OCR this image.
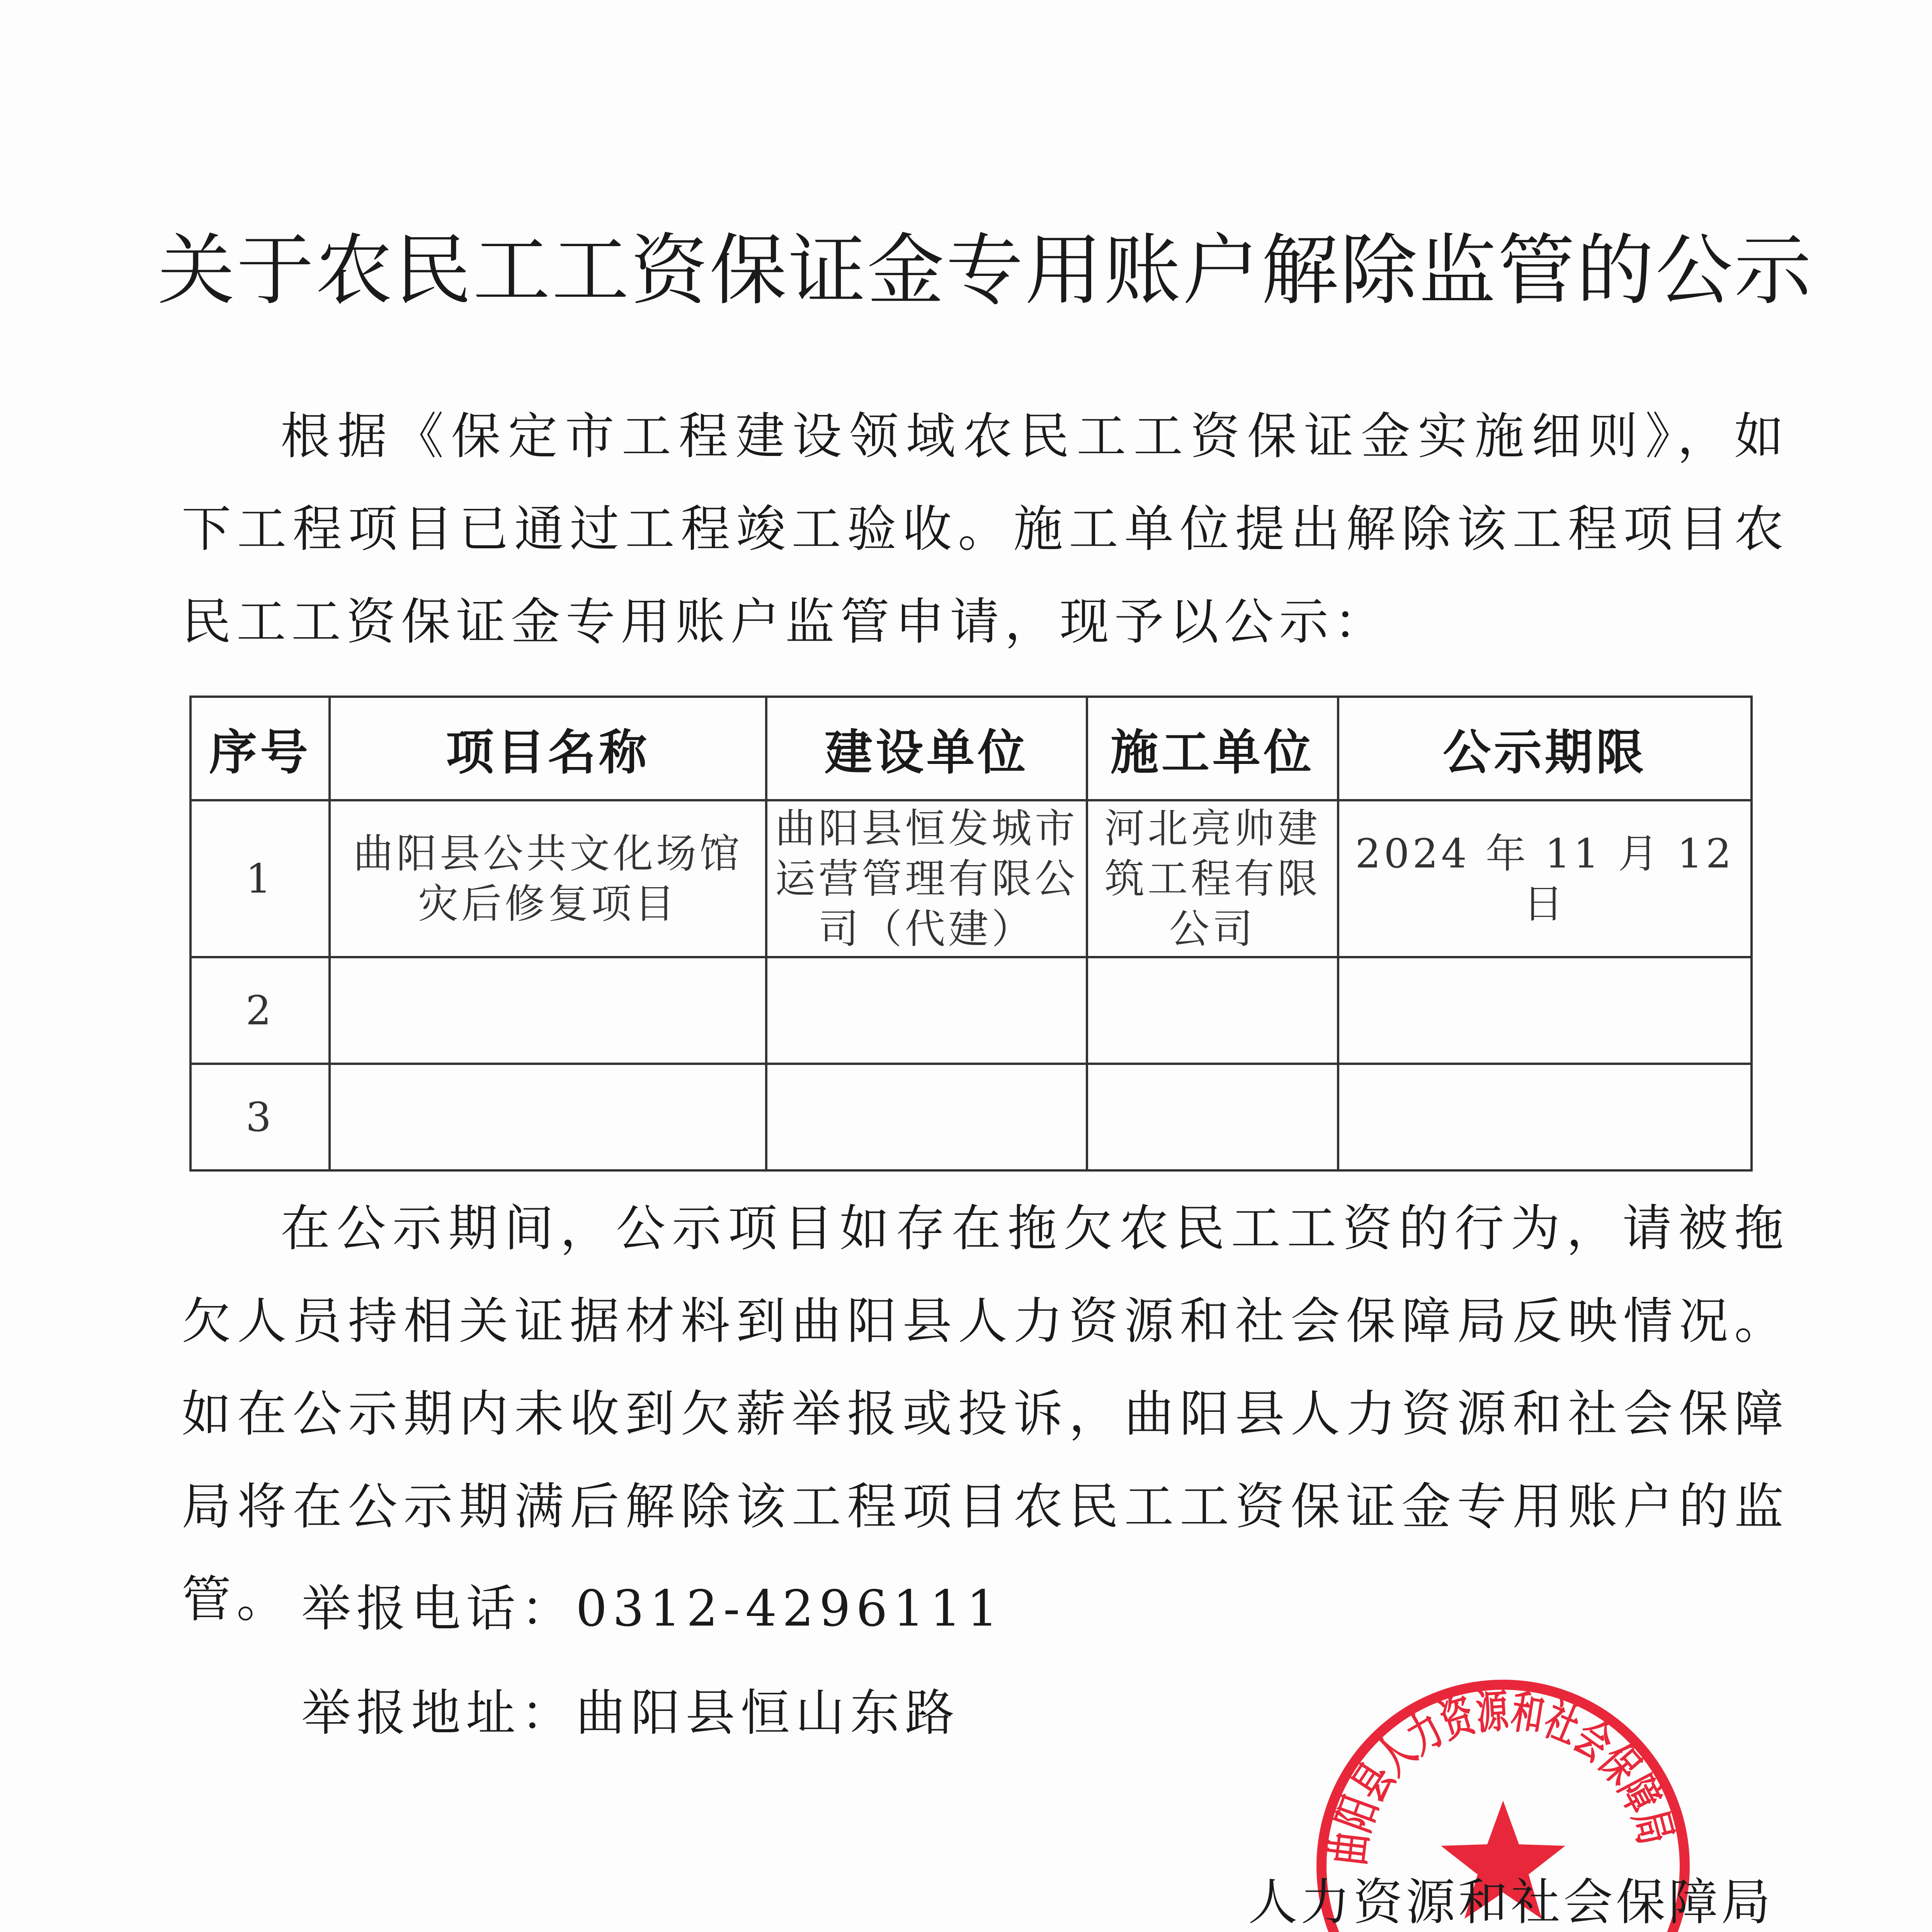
关于农民工工资保证金专用账户解除监管的公示

根据《保定市工程建设领域农民工工资保证金实施细则》，如下工程项目已通过工程竣工验收。施工单位提出解除该工程项目农民工工资保证金专用账户监管申请，现予以公示：

序号	项目名称	建设单位	施工单位	公示期限
1	曲阳县公共文化场馆灾后修复项目	曲阳县恒发城市运营管理有限公司（代建）	河北亮帅建筑工程有限公司	2024 年 11 月 12 日
2				
3				

在公示期间，公示项目如存在拖欠农民工工资的行为，请被拖欠人员持相关证据材料到曲阳县人力资源和社会保障局反映情况。如在公示期内未收到欠薪举报或投诉，曲阳县人力资源和社会保障局将在公示期满后解除该工程项目农民工工资保证金专用账户的监管。 举报电话：0312-4296111
举报地址：曲阳县恒山东路
曲阳县人力资源和社会保障局
人力资源和社会保障局
